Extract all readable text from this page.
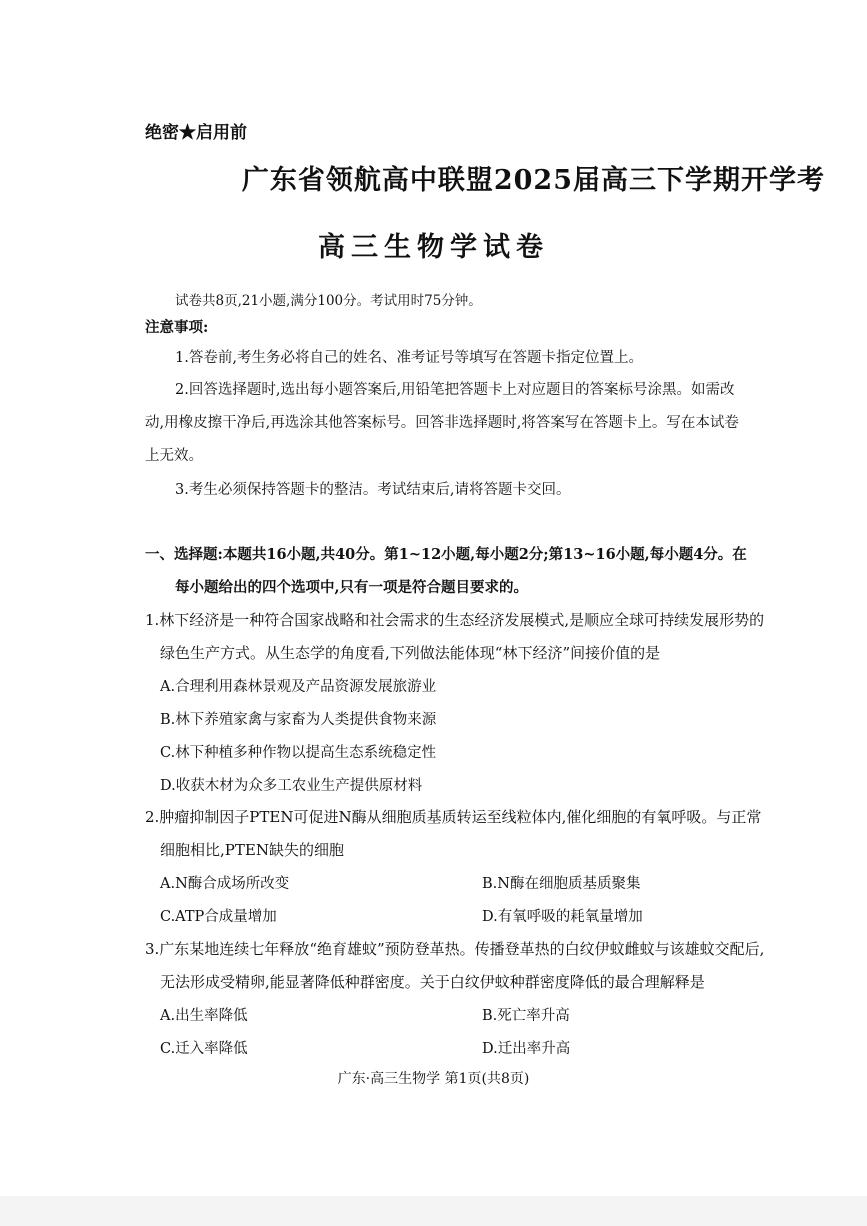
绝密★启用前
广东省领航高中联盟2025届高三下学期开学考
高三生物学试卷
试卷共8页,21小题,满分100分。考试用时75分钟。
注意事项:
1.答卷前,考生务必将自己的姓名、准考证号等填写在答题卡指定位置上。
2.回答选择题时,选出每小题答案后,用铅笔把答题卡上对应题目的答案标号涂黑。如需改
动,用橡皮擦干净后,再选涂其他答案标号。回答非选择题时,将答案写在答题卡上。写在本试卷
上无效。
3.考生必须保持答题卡的整洁。考试结束后,请将答题卡交回。
一、选择题:本题共16小题,共40分。第1~12小题,每小题2分;第13~16小题,每小题4分。在
每小题给出的四个选项中,只有一项是符合题目要求的。
1.林下经济是一种符合国家战略和社会需求的生态经济发展模式,是顺应全球可持续发展形势的
绿色生产方式。从生态学的角度看,下列做法能体现“林下经济”间接价值的是
A.合理利用森林景观及产品资源发展旅游业
B.林下养殖家禽与家畜为人类提供食物来源
C.林下种植多种作物以提高生态系统稳定性
D.收获木材为众多工农业生产提供原材料
2.肿瘤抑制因子PTEN可促进N酶从细胞质基质转运至线粒体内,催化细胞的有氧呼吸。与正常
细胞相比,PTEN缺失的细胞
A.N酶合成场所改变	B.N酶在细胞质基质聚集
C.ATP合成量增加	D.有氧呼吸的耗氧量增加
3.广东某地连续七年释放“绝育雄蚊”预防登革热。传播登革热的白纹伊蚊雌蚊与该雄蚊交配后,
无法形成受精卵,能显著降低种群密度。关于白纹伊蚊种群密度降低的最合理解释是
A.出生率降低	B.死亡率升高
C.迁入率降低	D.迁出率升高
广东·高三生物学 第1页(共8页)
